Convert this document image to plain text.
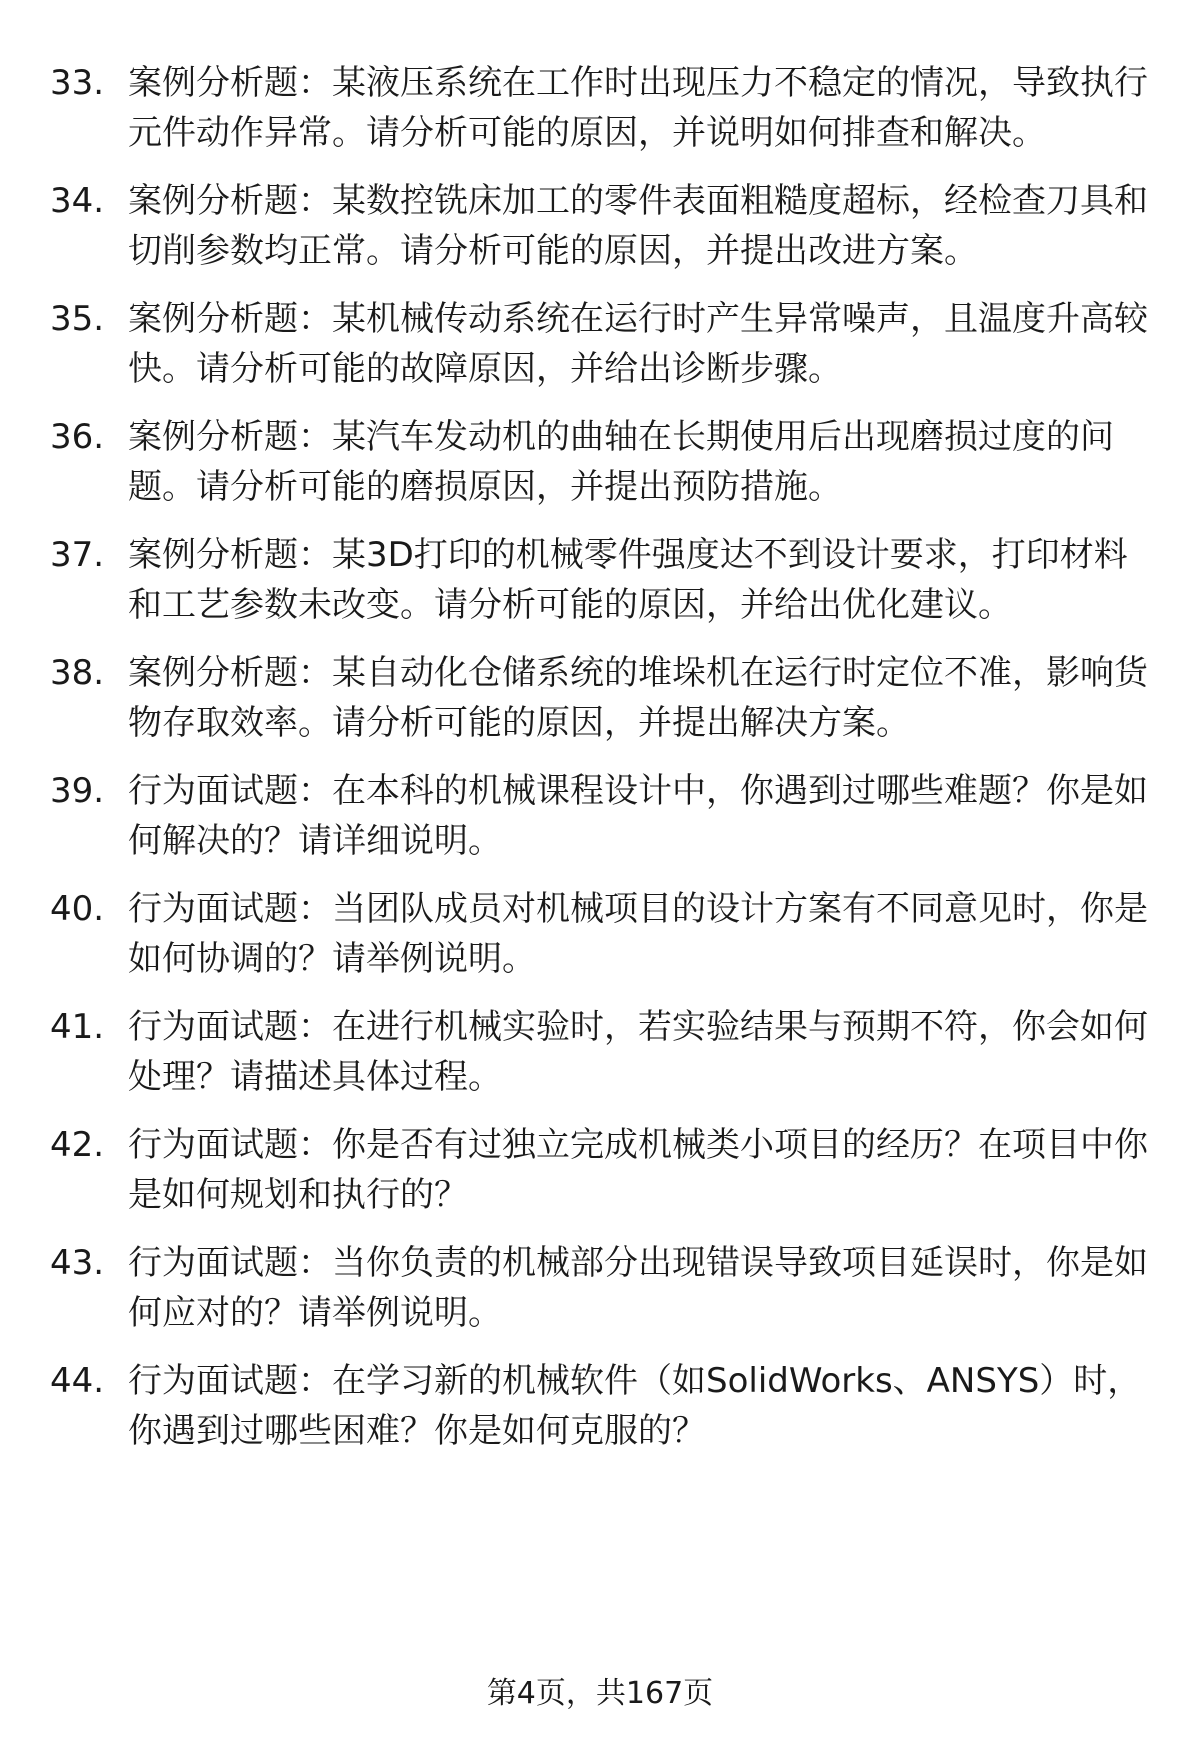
33. 案例分析题：某液压系统在工作时出现压力不稳定的情况，导致执行元件动作异常。请分析可能的原因，并说明如何排查和解决。
34. 案例分析题：某数控铣床加工的零件表面粗糙度超标，经检查刀具和切削参数均正常。请分析可能的原因，并提出改进方案。
35. 案例分析题：某机械传动系统在运行时产生异常噪声，且温度升高较快。请分析可能的故障原因，并给出诊断步骤。
36. 案例分析题：某汽车发动机的曲轴在长期使用后出现磨损过度的问题。请分析可能的磨损原因，并提出预防措施。
37. 案例分析题：某3D打印的机械零件强度达不到设计要求，打印材料和工艺参数未改变。请分析可能的原因，并给出优化建议。
38. 案例分析题：某自动化仓储系统的堆垛机在运行时定位不准，影响货物存取效率。请分析可能的原因，并提出解决方案。
39. 行为面试题：在本科的机械课程设计中，你遇到过哪些难题？你是如何解决的？请详细说明。
40. 行为面试题：当团队成员对机械项目的设计方案有不同意见时，你是如何协调的？请举例说明。
41. 行为面试题：在进行机械实验时，若实验结果与预期不符，你会如何处理？请描述具体过程。
42. 行为面试题：你是否有过独立完成机械类小项目的经历？在项目中你是如何规划和执行的？
43. 行为面试题：当你负责的机械部分出现错误导致项目延误时，你是如何应对的？请举例说明。
44. 行为面试题：在学习新的机械软件（如SolidWorks、ANSYS）时，你遇到过哪些困难？你是如何克服的？
第4页，共167页
